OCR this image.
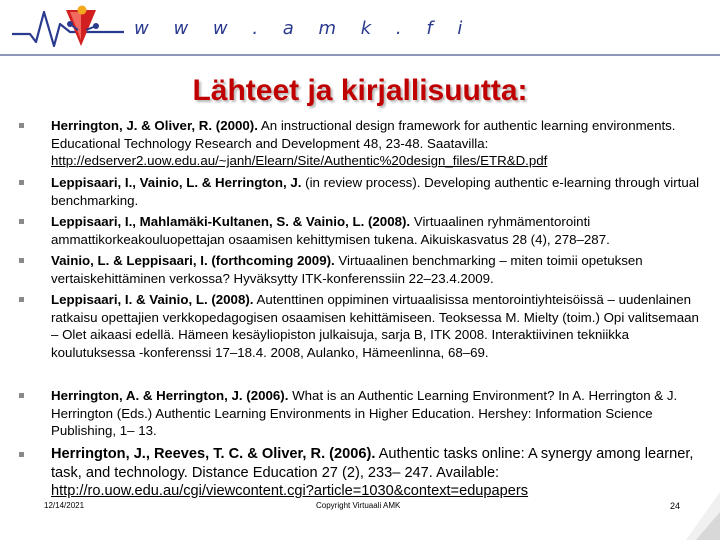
w w w . a m k . f i
Lähteet ja kirjallisuutta:
Herrington, J. & Oliver, R. (2000). An instructional design framework for authentic learning environments. Educational Technology Research and Development 48, 23-48. Saatavilla: http://edserver2.uow.edu.au/~janh/Elearn/Site/Authentic%20design_files/ETR&D.pdf
Leppisaari, I., Vainio, L. & Herrington, J. (in review process). Developing authentic e-learning through virtual benchmarking.
Leppisaari, I., Mahlamäki-Kultanen, S. & Vainio, L. (2008). Virtuaalinen ryhmämentorointi ammattikorkeakouluopettajan osaamisen kehittymisen tukena. Aikuiskasvatus 28 (4), 278–287.
Vainio, L. & Leppisaari, I. (forthcoming 2009). Virtuaalinen benchmarking – miten toimii opetuksen vertaiskehittäminen verkossa? Hyväksytty ITK-konferenssiin 22–23.4.2009.
Leppisaari, I. & Vainio, L. (2008). Autenttinen oppiminen virtuaalisissa mentorointiyhteisöissä – uudenlainen ratkaisu opettajien verkkopedagogisen osaamisen kehittämiseen. Teoksessa M. Mielty (toim.) Opi valitsemaan – Olet aikaasi edellä. Hämeen kesäyliopiston julkaisuja, sarja B, ITK 2008. Interaktiivinen tekniikka koulutuksessa -konferenssi 17–18.4. 2008, Aulanko, Hämeenlinna, 68–69.
Herrington, A. & Herrington, J. (2006). What is an Authentic Learning Environment? In A. Herrington & J. Herrington (Eds.) Authentic Learning Environments in Higher Education. Hershey: Information Science Publishing, 1– 13.
Herrington, J., Reeves, T. C. & Oliver, R. (2006). Authentic tasks online: A synergy among learner, task, and technology. Distance Education 27 (2), 233– 247. Available: http://ro.uow.edu.au/cgi/viewcontent.cgi?article=1030&context=edupapers
12/14/2021	Copyright Virtuaali AMK	24
